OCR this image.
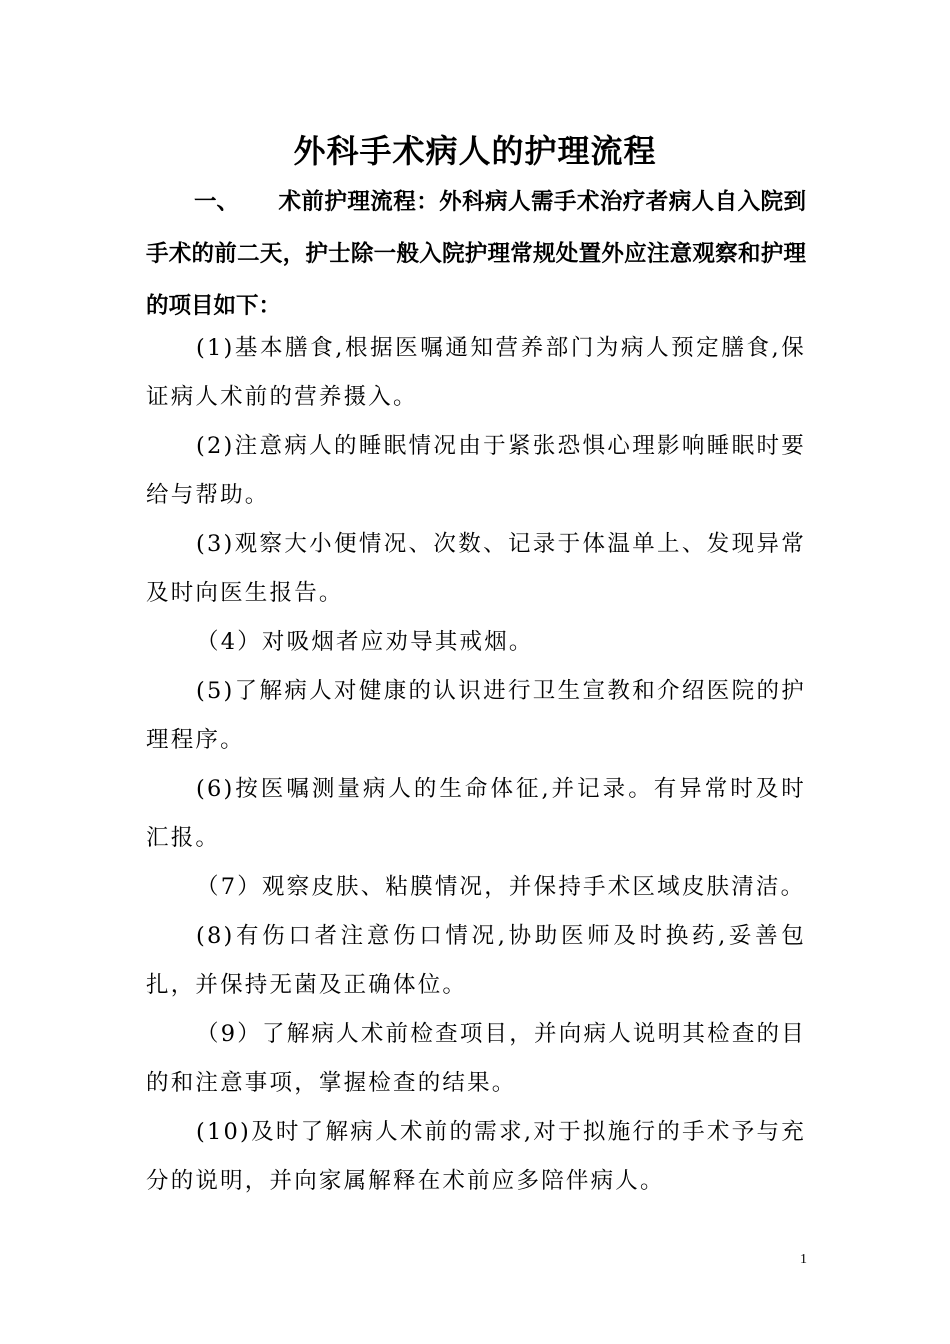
外科手术病人的护理流程
一、 术前护理流程：外科病人需手术治疗者病人自入院到手术的前二天，护士除一般入院护理常规处置外应注意观察和护理的项目如下：

(1)基本膳食,根据医嘱通知营养部门为病人预定膳食,保证病人术前的营养摄入。

(2)注意病人的睡眠情况由于紧张恐惧心理影响睡眠时要给与帮助。

(3)观察大小便情况、次数、记录于体温单上、发现异常及时向医生报告。

（4）对吸烟者应劝导其戒烟。

(5)了解病人对健康的认识进行卫生宣教和介绍医院的护理程序。

(6)按医嘱测量病人的生命体征,并记录。有异常时及时汇报。

（7）观察皮肤、粘膜情况，并保持手术区域皮肤清洁。

(8)有伤口者注意伤口情况,协助医师及时换药,妥善包扎，并保持无菌及正确体位。

（9）了解病人术前检查项目，并向病人说明其检查的目的和注意事项，掌握检查的结果。

(10)及时了解病人术前的需求,对于拟施行的手术予与充分的说明，并向家属解释在术前应多陪伴病人。

1
